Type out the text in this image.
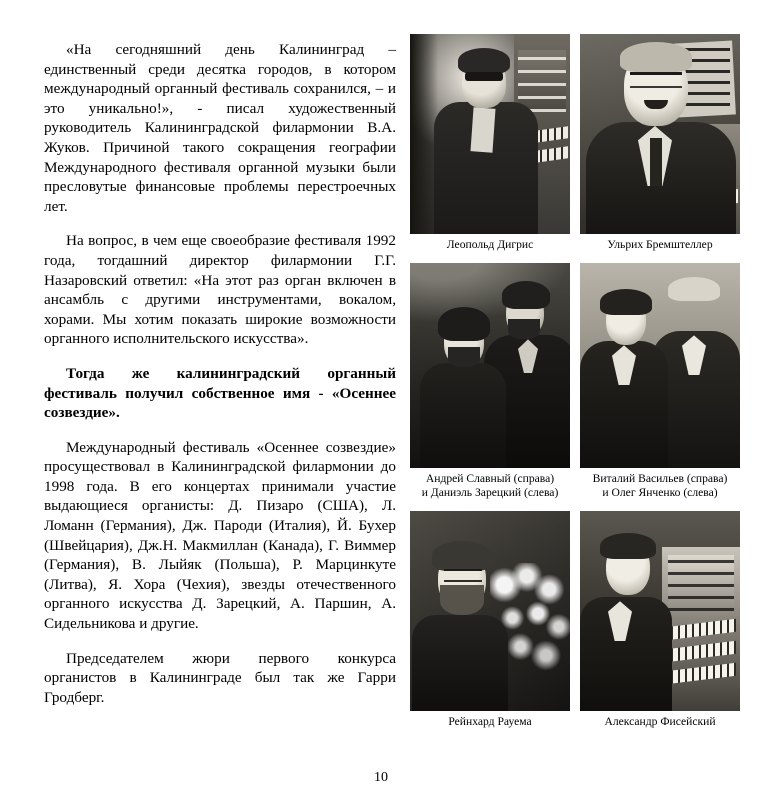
«На сегодняшний день Калининград – единственный среди десятка городов, в котором международный органный фестиваль сохранился, – и это уникально!», - писал художественный руководитель Калининградской филармонии В.А. Жуков. Причиной такого сокращения географии Международного фестиваля органной музыки были пресловутые финансовые проблемы перестроечных лет.

На вопрос, в чем еще своеобразие фестиваля 1992 года, тогдашний директор филармонии Г.Г. Назаровский ответил: «На этот раз орган включен в ансамбль с другими инструментами, вокалом, хорами. Мы хотим показать широкие возможности органного исполнительского искусства».

Тогда же калининградский органный фестиваль получил собственное имя - «Осеннее созвездие».

Международный фестиваль «Осеннее созвездие» просуществовал в Калининградской филармонии до 1998 года. В его концертах принимали участие выдающиеся органисты: Д. Пизаро (США), Л. Ломанн (Германия), Дж. Пароди (Италия), Й. Бухер (Швейцария), Дж.Н. Макмиллан (Канада), Г. Виммер (Германия), В. Лыйяк (Польша), Р. Марцинкуте (Литва), Я. Хора (Чехия), звезды отечественного органного искусства Д. Зарецкий, А. Паршин, А. Сидельникова и другие.

Председателем жюри первого конкурса органистов в Калининграде был так же Гарри Гродберг.

Леопольд Дигрис	Ульрих Бремштеллер
Андрей Славный (справа)
и Даниэль Зарецкий (слева)
Виталий Васильев (справа)
и Олег Янченко (слева)
Рейнхард Рауема	Александр Фисейский
10
